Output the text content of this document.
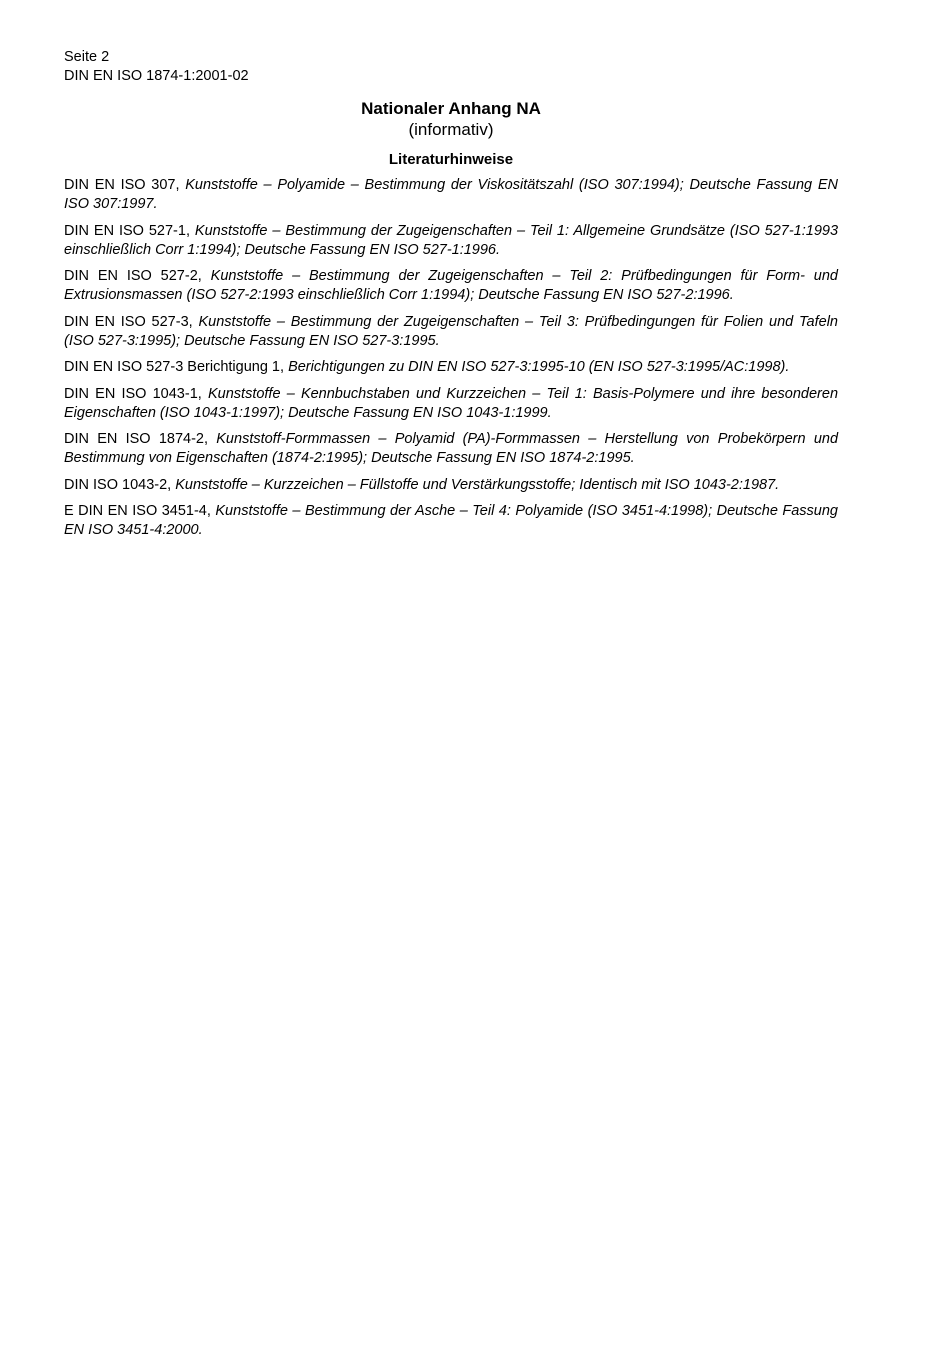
Seite 2
DIN EN ISO 1874-1:2001-02
Nationaler Anhang NA
(informativ)
Literaturhinweise

DIN EN ISO 307, Kunststoffe – Polyamide – Bestimmung der Viskositätszahl (ISO 307:1994); Deutsche Fassung EN ISO 307:1997.

DIN EN ISO 527-1, Kunststoffe – Bestimmung der Zugeigenschaften – Teil 1: Allgemeine Grundsätze (ISO 527-1:1993 einschließlich Corr 1:1994); Deutsche Fassung EN ISO 527-1:1996.

DIN EN ISO 527-2, Kunststoffe – Bestimmung der Zugeigenschaften – Teil 2: Prüfbedingungen für Form- und Extrusionsmassen (ISO 527-2:1993 einschließlich Corr 1:1994); Deutsche Fassung EN ISO 527-2:1996.

DIN EN ISO 527-3, Kunststoffe – Bestimmung der Zugeigenschaften – Teil 3: Prüfbedingungen für Folien und Tafeln (ISO 527-3:1995); Deutsche Fassung EN ISO 527-3:1995.

DIN EN ISO 527-3 Berichtigung 1, Berichtigungen zu DIN EN ISO 527-3:1995-10 (EN ISO 527-3:1995/AC:1998).

DIN EN ISO 1043-1, Kunststoffe – Kennbuchstaben und Kurzzeichen – Teil 1: Basis-Polymere und ihre besonderen Eigenschaften (ISO 1043-1:1997); Deutsche Fassung EN ISO 1043-1:1999.

DIN EN ISO 1874-2, Kunststoff-Formmassen – Polyamid (PA)-Formmassen – Herstellung von Probekörpern und Bestimmung von Eigenschaften (1874-2:1995); Deutsche Fassung EN ISO 1874-2:1995.

DIN ISO 1043-2, Kunststoffe – Kurzzeichen – Füllstoffe und Verstärkungsstoffe; Identisch mit ISO 1043-2:1987.

E DIN EN ISO 3451-4, Kunststoffe – Bestimmung der Asche – Teil 4: Polyamide (ISO 3451-4:1998); Deutsche Fassung EN ISO 3451-4:2000.
